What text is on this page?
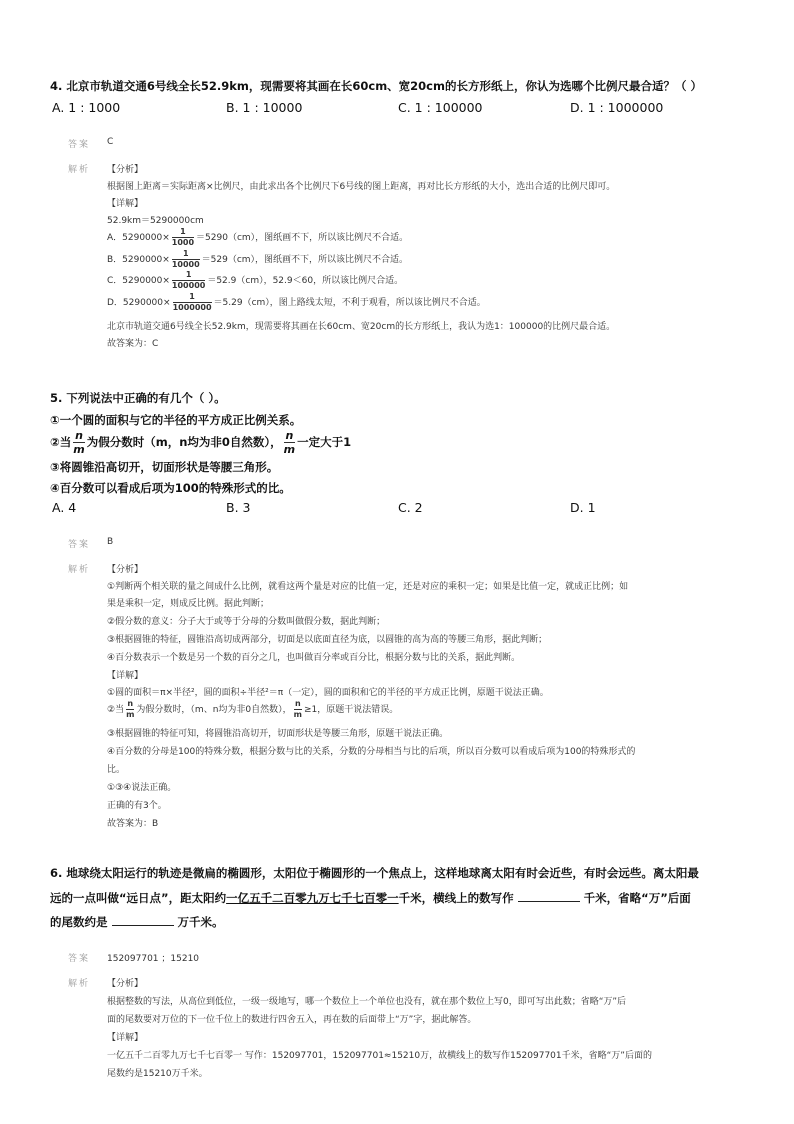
4. 北京市轨道交通6号线全长52.9km，现需要将其画在长60cm、宽20cm的长方形纸上，你认为选哪个比例尺最合适？（ ）
A. 1 : 1000	B. 1 : 10000	C. 1 : 100000	D. 1 : 1000000
答案 C
解析 【分析】
根据图上距离＝实际距离×比例尺，由此求出各个比例尺下6号线的图上距离，再对比长方形纸的大小，选出合适的比例尺即可。
【详解】
52.9km＝5290000cm
A．$5290000\times \frac{1}{1000} =5290(cm)$，图纸画不下，所以该比例尺不合适。
B．$5290000\times \frac{1}{10000} =529(cm)$，图纸画不下，所以该比例尺不合适。
C．$5290000\times \frac{1}{100000} =52.9(cm)$，52.9＜60，所以该比例尺合适。
D．$5290000\times \frac{1}{1000000} =5.29(cm)$，图上路线太短，不利于观看，所以该比例尺不合适。
北京市轨道交通6号线全长52.9km，现需要将其画在长60cm、宽20cm的长方形纸上，我认为选1：100000的比例尺最合适。
故答案为：C
5. 下列说法中正确的有几个（ ）。
①一个圆的面积与它的半径的平方成正比例关系。
②当 $\frac{n}{m}$ 为假分数时（m，n均为非0自然数）， $\frac{n}{m}$ 一定大于1
③将圆锥沿高切开，切面形状是等腰三角形。
④百分数可以看成后项为100的特殊形式的比。
A. 4	B. 3	C. 2	D. 1
答案 B
解析 【分析】
①判断两个相关联的量之间成什么比例，就看这两个量是对应的比值一定，还是对应的乘积一定；如果是比值一定，就成正比例；如
果是乘积一定，则成反比例。据此判断；
②假分数的意义：分子大于或等于分母的分数叫做假分数，据此判断；
③根据圆锥的特征，圆锥沿高切成两部分，切面是以底面直径为底，以圆锥的高为高的等腰三角形，据此判断；
④百分数表示一个数是另一个数的百分之几，也叫做百分率或百分比，根据分数与比的关系，据此判断。
【详解】
①圆的面积＝π×半径²，圆的面积÷半径²＝π（一定），圆的面积和它的半径的平方成正比例，原题干说法正确。
②当 $\frac{n}{m}$ 为假分数时，（m、n均为非0自然数）， $\frac{n}{m} \ge 1$，原题干说法错误。
③根据圆锥的特征可知，将圆锥沿高切开，切面形状是等腰三角形，原题干说法正确。
④百分数的分母是100的特殊分数，根据分数与比的关系，分数的分母相当与比的后项，所以百分数可以看成后项为100的特殊形式的
比。
①③④说法正确。
正确的有3个。
故答案为：B
6. 地球绕太阳运行的轨迹是微扁的椭圆形，太阳位于椭圆形的一个焦点上，这样地球离太阳有时会近些，有时会远些。离太阳最
远的一点叫做“远日点”，距太阳约一亿五千二百零九万七千七百零一千米，横线上的数写作	千米，省略“万”后面
的尾数约是	万千米。
答案 152097701 ；15210
解析 【分析】
根据整数的写法，从高位到低位，一级一级地写，哪一个数位上一个单位也没有，就在那个数位上写0，即可写出此数；省略“万”后
面的尾数要对万位的下一位千位上的数进行四舍五入，再在数的后面带上“万”字，据此解答。
【详解】
一亿五千二百零九万七千七百零一 写作：152097701，152097701≈15210万，故横线上的数写作152097701千米，省略“万”后面的
尾数约是15210万千米。
